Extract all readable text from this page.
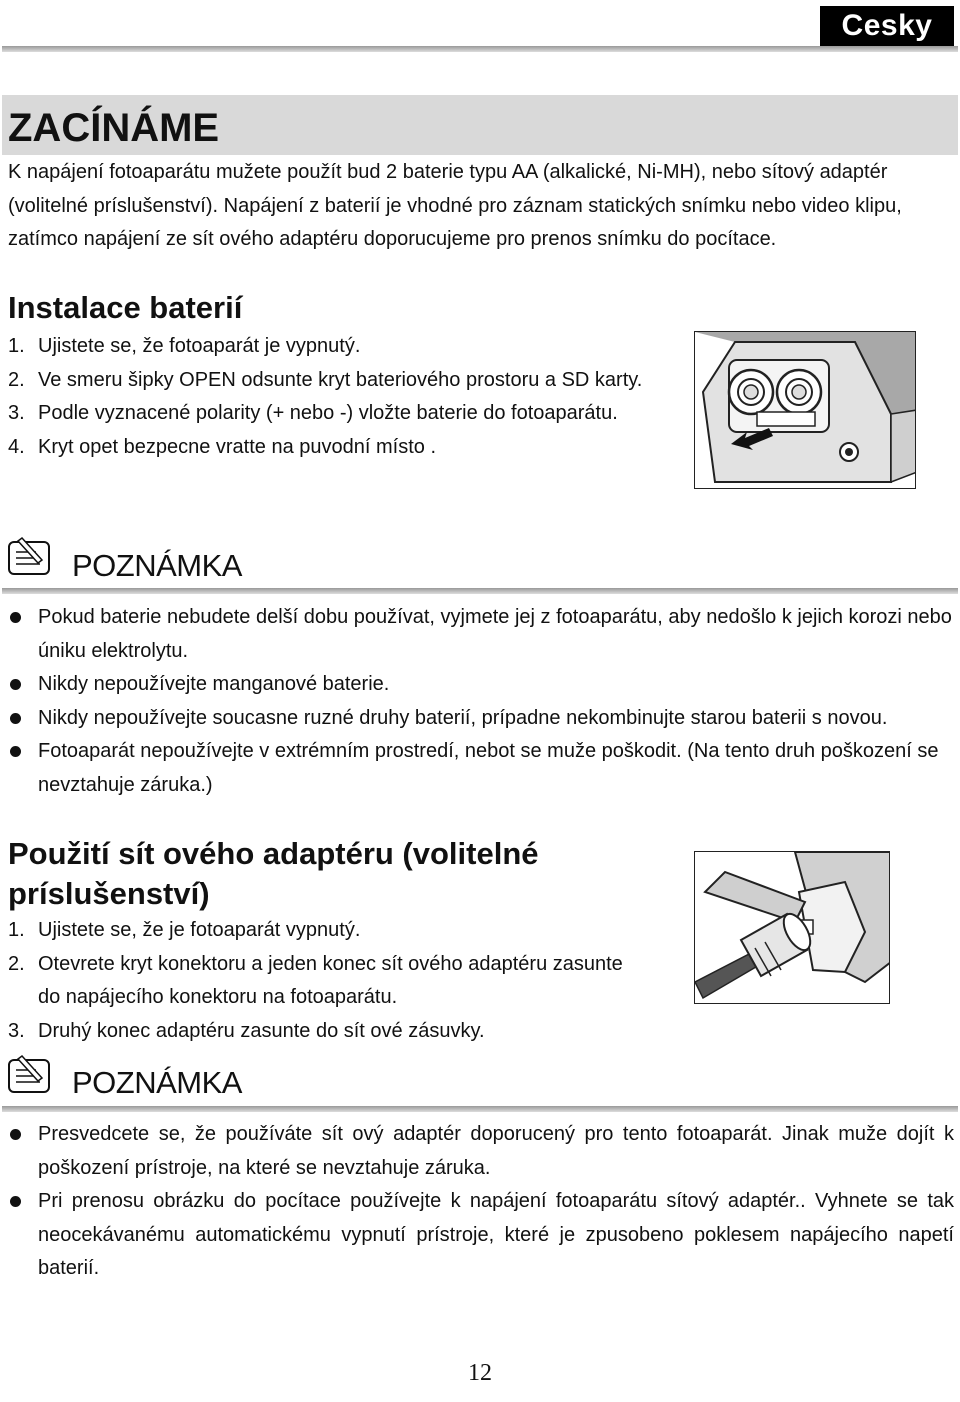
Cesky
ZACÍNÁME

K napájení fotoaparátu mužete použít bud 2 baterie typu AA (alkalické, Ni-MH), nebo sítový adaptér (volitelné príslušenství). Napájení z baterií je vhodné pro záznam statických snímku nebo video klipu, zatímco napájení ze sít ového adaptéru doporucujeme pro prenos snímku do pocítace.

Instalace baterií
1. Ujistete se, že fotoaparát je vypnutý.
2. Ve smeru šipky OPEN odsunte kryt bateriového prostoru a SD karty.
3. Podle vyznacené polarity (+ nebo -) vložte baterie do fotoaparátu.
4. Kryt opet bezpecne vratte na puvodní místo .
POZNÁMKA
Pokud baterie nebudete delší dobu používat, vyjmete jej z fotoaparátu, aby nedošlo k jejich korozi nebo úniku elektrolytu.
Nikdy nepoužívejte manganové baterie.
Nikdy nepoužívejte soucasne ruzné druhy baterií, prípadne nekombinujte starou baterii s novou.
Fotoaparát nepoužívejte v extrémním prostredí, nebot se muže poškodit. (Na tento druh poškození se nevztahuje záruka.)
Použití sít ového adaptéru (volitelné príslušenství)
1. Ujistete se, že je fotoaparát vypnutý.
2. Otevrete kryt konektoru a jeden konec sít ového adaptéru zasunte do napájecího konektoru na fotoaparátu.
3. Druhý konec adaptéru zasunte do sít ové zásuvky.
POZNÁMKA
Presvedcete se, že používáte sít ový adaptér doporucený pro tento fotoaparát. Jinak muže dojít k poškození prístroje, na které se nevztahuje záruka.
Pri prenosu obrázku do pocítace používejte k napájení fotoaparátu sítový adaptér.. Vyhnete se tak neocekávanému automatickému vypnutí prístroje, které je zpusobeno poklesem napájecího napetí baterií.
12
